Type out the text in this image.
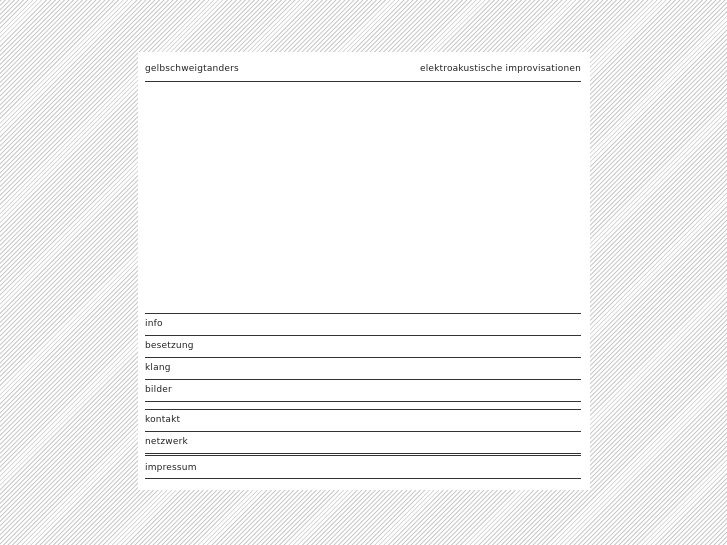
gelbschweigtanders	elektroakustische improvisationen
info
besetzung
klang
bilder
kontakt
netzwerk
impressum
